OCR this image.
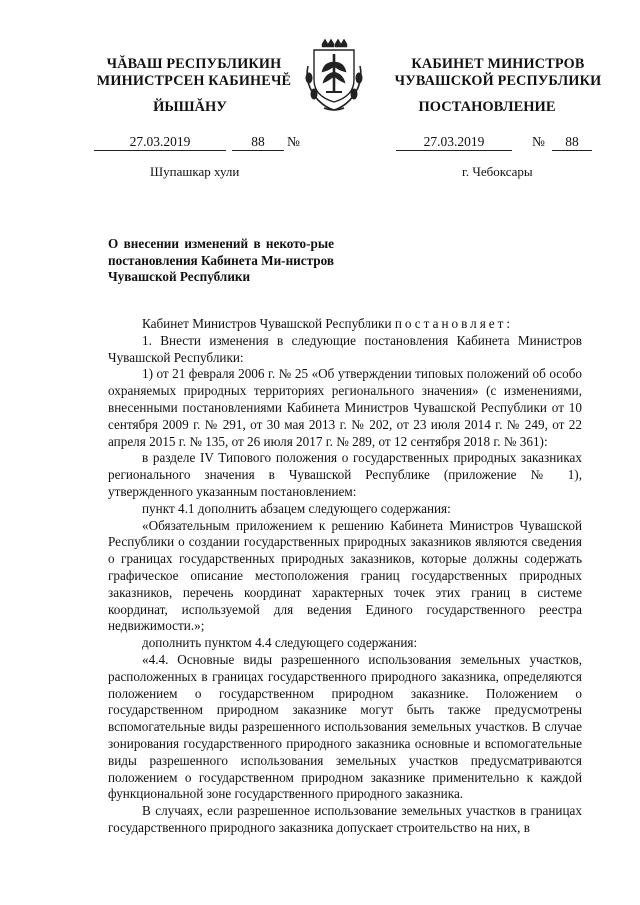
ЧĂВАШ РЕСПУБЛИКИН
МИНИСТРСЕН КАБИНЕЧĔ
КАБИНЕТ МИНИСТРОВ
ЧУВАШСКОЙ РЕСПУБЛИКИ
ЙЫШĂНУ	ПОСТАНОВЛЕНИЕ
27.03.2019	88	№	27.03.2019	№	88
Шупашкар хули	г. Чебоксары
О внесении изменений в некото-рые постановления Кабинета Ми-нистров Чувашской Республики

Кабинет Министров Чувашской Республики постановляет:

1. Внести изменения в следующие постановления Кабинета Министров Чувашской Республики:

1) от 21 февраля 2006 г. № 25 «Об утверждении типовых положений об особо охраняемых природных территориях регионального значения» (с изменениями, внесенными постановлениями Кабинета Министров Чувашской Республики от 10 сентября 2009 г. № 291, от 30 мая 2013 г. № 202, от 23 июля 2014 г. № 249, от 22 апреля 2015 г. № 135, от 26 июля 2017 г. № 289, от 12 сентября 2018 г. № 361):

в разделе IV Типового положения о государственных природных заказниках регионального значения в Чувашской Республике (приложение № 1), утвержденного указанным постановлением:

пункт 4.1 дополнить абзацем следующего содержания:

«Обязательным приложением к решению Кабинета Министров Чувашской Республики о создании государственных природных заказников являются сведения о границах государственных природных заказников, которые должны содержать графическое описание местоположения границ государственных природных заказников, перечень координат характерных точек этих границ в системе координат, используемой для ведения Единого государственного реестра недвижимости.»;

дополнить пунктом 4.4 следующего содержания:

«4.4. Основные виды разрешенного использования земельных участков, расположенных в границах государственного природного заказника, определяются положением о государственном природном заказнике. Положением о государственном природном заказнике могут быть также предусмотрены вспомогательные виды разрешенного использования земельных участков. В случае зонирования государственного природного заказника основные и вспомогательные виды разрешенного использования земельных участков предусматриваются положением о государственном природном заказнике применительно к каждой функциональной зоне государственного природного заказника.

В случаях, если разрешенное использование земельных участков в границах государственного природного заказника допускает строительство на них, в
